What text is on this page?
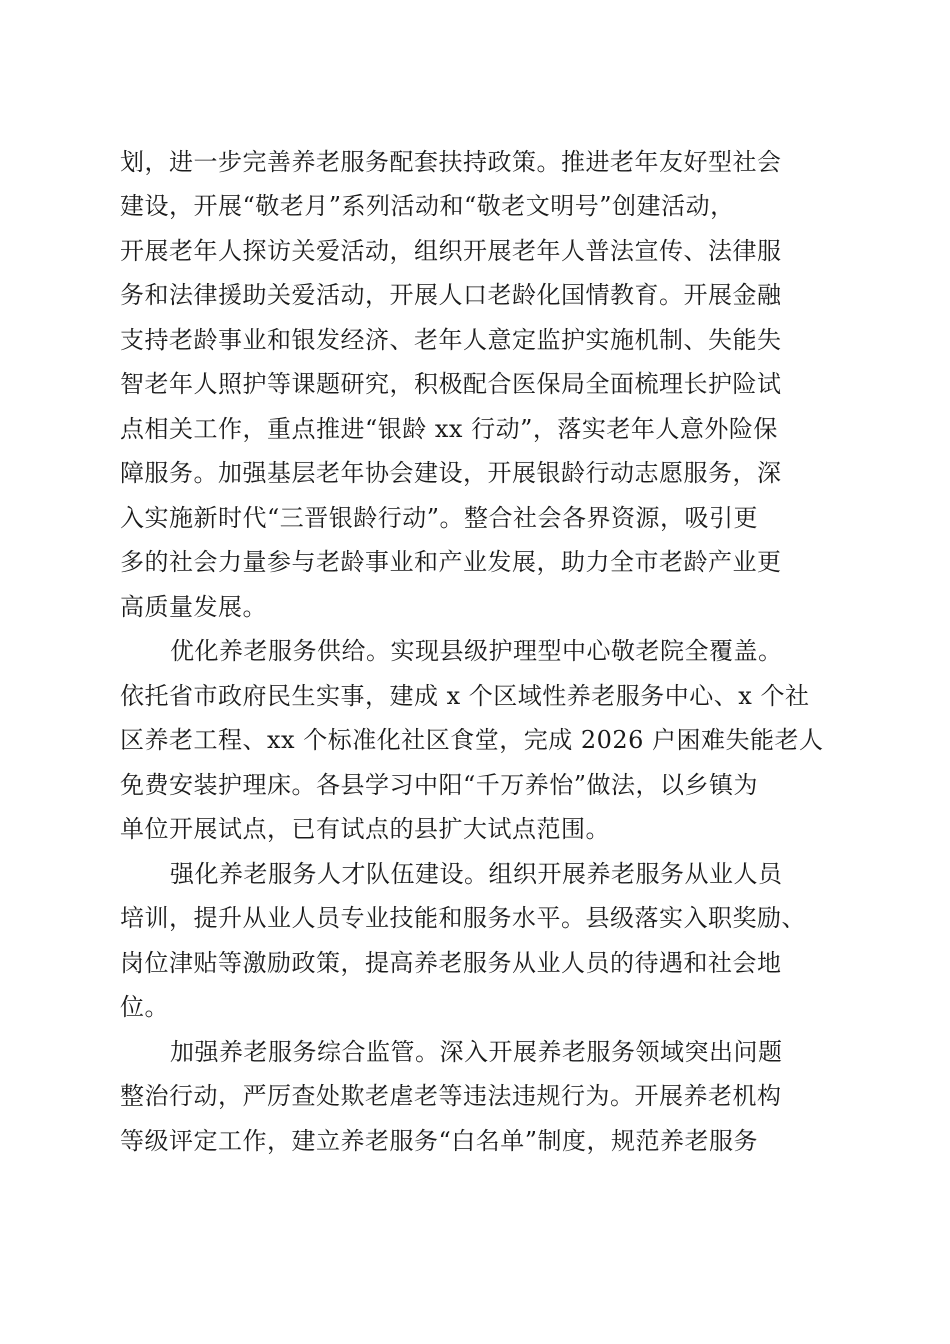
划，进一步完善养老服务配套扶持政策。推进老年友好型社会
建设，开展“敬老月”系列活动和“敬老文明号”创建活动，
开展老年人探访关爱活动，组织开展老年人普法宣传、法律服
务和法律援助关爱活动，开展人口老龄化国情教育。开展金融
支持老龄事业和银发经济、老年人意定监护实施机制、失能失
智老年人照护等课题研究，积极配合医保局全面梳理长护险试
点相关工作，重点推进“银龄 xx 行动”，落实老年人意外险保
障服务。加强基层老年协会建设，开展银龄行动志愿服务，深
入实施新时代“三晋银龄行动”。整合社会各界资源，吸引更
多的社会力量参与老龄事业和产业发展，助力全市老龄产业更
高质量发展。
优化养老服务供给。实现县级护理型中心敬老院全覆盖。
依托省市政府民生实事，建成 x 个区域性养老服务中心、x 个社
区养老工程、xx 个标准化社区食堂，完成 2026 户困难失能老人
免费安装护理床。各县学习中阳“千万养怡”做法，以乡镇为
单位开展试点，已有试点的县扩大试点范围。
强化养老服务人才队伍建设。组织开展养老服务从业人员
培训，提升从业人员专业技能和服务水平。县级落实入职奖励、
岗位津贴等激励政策，提高养老服务从业人员的待遇和社会地
位。
加强养老服务综合监管。深入开展养老服务领域突出问题
整治行动，严厉查处欺老虐老等违法违规行为。开展养老机构
等级评定工作，建立养老服务“白名单”制度，规范养老服务
